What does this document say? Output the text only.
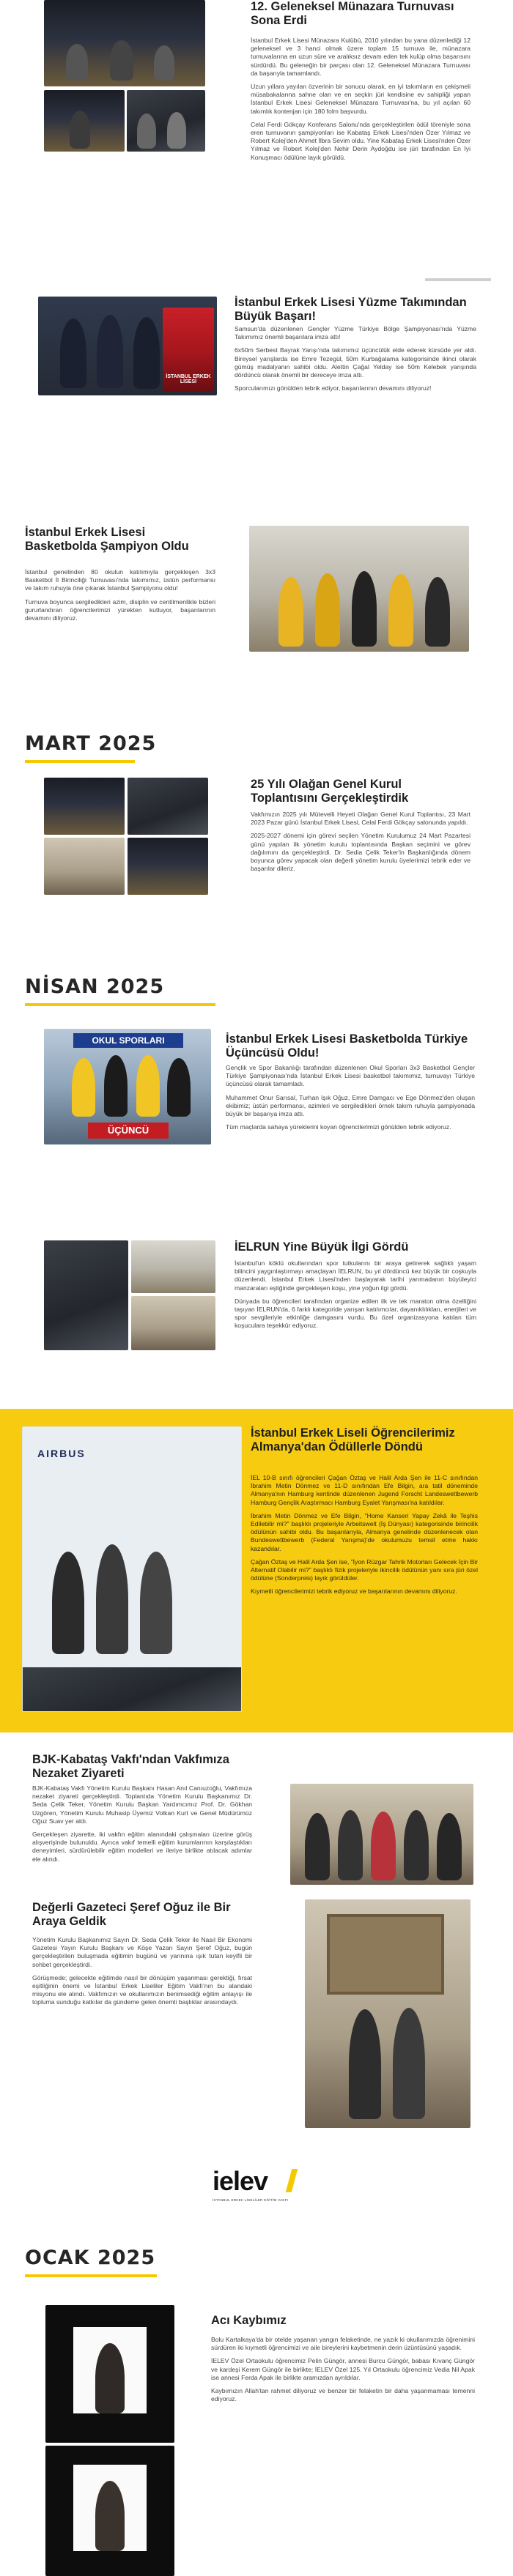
12. Geleneksel Münazara Turnuvası Sona Erdi

İstanbul Erkek Lisesi Münazara Kulübü, 2010 yılından bu yana düzenlediği 12 geleneksel ve 3 hanci olmak üzere toplam 15 turnuva ile, münazara turnuvalarına en uzun süre ve aralıksız devam eden tek kulüp olma başarısını sürdürdü. Bu geleneğin bir parçası olan 12. Geleneksel Münazara Turnuvası da başarıyla tamamlandı.

Uzun yıllara yayılan özverinin bir sonucu olarak, en iyi takımların en çekişmeli müsabakalarına sahne olan ve en seçkin jüri kendisine ev sahipliği yapan İstanbul Erkek Lisesi Geleneksel Münazara Turnuvası'na, bu yıl açılan 60 takımlık kontenjan için 180 folm başvurdu.

Celal Ferdi Gökçay Konferans Salonu'nda gerçekleştirilen ödül töreniyle sona eren turnuvanın şampiyonları ise Kabataş Erkek Lisesi'nden Özer Yılmaz ve Robert Kolej'den Ahmet İlbra Sevim oldu. Yine Kabataş Erkek Lisesi'nden Özer Yılmaz ve Robert Kolej'den Nehir Derin Aydoğdu ise jüri tarafından En İyi Konuşmacı ödülüne layık görüldü.

İSTANBUL ERKEK LİSESİ
İstanbul Erkek Lisesi Yüzme Takımından Büyük Başarı!

Samsun'da düzenlenen Gençler Yüzme Türkiye Bölge Şampiyonası'nda Yüzme Takımımız önemli başarılara imza attı!

6x50m Serbest Bayrak Yarışı'nda takımımız üçüncülük elde ederek kürsüde yer aldı. Bireysel yarışlarda ise Emre Tezegül, 50m Kurbağalama kategorisinde ikinci olarak gümüş madalyanın sahibi oldu. Alettin Çağal Yelday ise 50m Kelebek yarışında dördüncü olarak önemli bir dereceye imza attı.

Sporcularımızı gönülden tebrik ediyor, başarılarının devamını diliyoruz!

İstanbul Erkek Lisesi Basketbolda Şampiyon Oldu

İstanbul genelinden 80 okulun katılımıyla gerçekleşen 3x3 Basketbol İl Birinciliği Turnuvası'nda takımımız, üstün performansı ve takım ruhuyla öne çıkarak İstanbul Şampiyonu oldu!

Turnuva boyunca sergiledikleri azim, disiplin ve centilmenlikle bizleri gururlandıran öğrencilerimizi yürekten kutluyor, başarılarının devamını diliyoruz.

MART 2025
25 Yılı Olağan Genel Kurul Toplantısını Gerçekleştirdik

Vakfımızın 2025 yılı Mütevelli Heyeti Olağan Genel Kurul Toplantısı, 23 Mart 2023 Pazar günü İstanbul Erkek Lisesi, Celal Ferdi Gökçay salonunda yapıldı.

2025-2027 dönemi için görevi seçilen Yönetim Kurulumuz 24 Mart Pazartesi günü yapılan ilk yönetim kurulu toplantısında Başkan seçimini ve görev dağılımını da gerçekleştirdi. Dr. Sedia Çelik Teker'in Başkanlığında dönem boyunca görev yapacak olan değerli yönetim kurulu üyelerimizi tebrik eder ve başarılar dileriz.

NİSAN 2025
OKUL SPORLARI
ÜÇÜNCÜ
İstanbul Erkek Lisesi Basketbolda Türkiye Üçüncüsü Oldu!

Gençlik ve Spor Bakanlığı tarafından düzenlenen Okul Sporları 3x3 Basketbol Gençler Türkiye Şampiyonası'nda İstanbul Erkek Lisesi basketbol takımımız, turnuvayı Türkiye üçüncüsü olarak tamamladı.

Muhammet Onur Sarısal, Turhan Işık Oğuz, Emre Damgacı ve Ege Dönmez'den oluşan ekibimiz; üstün performansı, azimleri ve sergiledikleri örnek takım ruhuyla şampiyonada büyük bir başarıya imza attı.

Tüm maçlarda sahaya yüreklerini koyan öğrencilerimizi gönülden tebrik ediyoruz.

İELRUN Yine Büyük İlgi Gördü

İstanbul'un köklü okullarından spor tutkularını bir araya getirerek sağlıklı yaşam bilincini yaygınlaştırmayı amaçlayan İELRUN, bu yıl dördüncü kez büyük bir coşkuyla düzenlendi. İstanbul Erkek Lisesi'nden başlayarak tarihi yarımadanın büyüleyici manzaraları eşliğinde gerçekleşen koşu, yine yoğun ilgi gördü.

Dünyada bu öğrencileri tarafından organize edilen ilk ve tek maraton olma özelliğini taşıyan İELRUN'da, 6 farklı kategoride yarışan katılımcılar, dayanıklılıkları, enerjileri ve spor sevgileriyle etkinliğe damgasını vurdu. Bu özel organizasyona katılan tüm koşuculara teşekkür ediyoruz.

AIRBUS
İstanbul Erkek Liseli Öğrencilerimiz Almanya'dan Ödüllerle Döndü

İEL 10-B sınıfı öğrencileri Çağan Öztaş ve Halil Arda Şen ile 11-C sınıfından İbrahim Metin Dönmez ve 11-D sınıfından Efe Bilgin, ara tatil döneminde Almanya'nın Hamburg kentinde düzenlenen Jugend Forscht Landeswettbewerb Hamburg Gençlik Araştırmacı Hamburg Eyalet Yarışması'na katıldılar.

İbrahim Metin Dönmez ve Efe Bilgin, "Home Kanseri Yapay Zekâ ile Teşhis Edilebilir mi?" başlıklı projeleriyle Arbeitswelt (İş Dünyası) kategorisinde birincilik ödülünün sahibi oldu. Bu başarılarıyla, Almanya genelinde düzenlenecek olan Bundeswettbewerb (Federal Yarışma)'de okulumuzu temsil etme hakkı kazandılar.

Çağan Öztaş ve Halil Arda Şen ise, "İyon Rüzgar Tahrik Motorları Gelecek İçin Bir Alternatif Olabilir mi?" başlıklı fizik projeleriyle ikincilik ödülünün yanı sıra jüri özel ödülüne (Sonderpreis) layık görüldüler.

Kıymetli öğrencilerimizi tebrik ediyoruz ve başarılarının devamını diliyoruz.

BJK-Kabataş Vakfı'ndan Vakfımıza Nezaket Ziyareti

BJK-Kabataş Vakfı Yönetim Kurulu Başkanı Hasan Anıl Canıuzoğlu, Vakfımıza nezaket ziyareti gerçekleştirdi. Toplantıda Yönetim Kurulu Başkanımız Dr. Seda Çelik Teker, Yönetim Kurulu Başkan Yardımcımız Prof. Dr. Gökhan Uzgören, Yönetim Kurulu Muhasip Üyemiz Volkan Kurt ve Genel Müdürümüz Oğuz Suav yer aldı.

Gerçekleşen ziyarette, iki vakfın eğitim alanındaki çalışmaları üzerine görüş alışverişinde bulunuldu. Ayrıca vakıf temelli eğitim kurumlarının karşılaştıkları deneyimleri, sürdürülebilir eğitim modelleri ve ileriye birlikte atılacak adımlar ele alındı.

Değerli Gazeteci Şeref Oğuz ile Bir Araya Geldik

Yönetim Kurulu Başkanımız Sayın Dr. Seda Çelik Teker ile Nasıl Bir Ekonomi Gazetesi Yayın Kurulu Başkanı ve Köşe Yazarı Sayın Şeref Oğuz, bugün gerçekleştirilen buluşmada eğitimin bugünü ve yarınına ışık tutan keyifli bir sohbet gerçekleştirdi.

Görüşmede; gelecekte eğitimde nasıl bir dönüşüm yaşanması gerektiği, fırsat eşitliğinin önemi ve İstanbul Erkek Liseliler Eğitim Vakfı'nın bu alandaki misyonu ele alındı. Vakfımızın ve okullarımızın benimsediği eğitim anlayışı ile topluma sunduğu katkılar da gündeme gelen önemli başlıklar arasındaydı.

ielev
İSTANBUL ERKEK LİSELİLER EĞİTİM VAKFI
OCAK 2025
Acı Kaybımız

Bolu Kartalkaya'da bir otelde yaşanan yangın felaketinde, ne yazık ki okullarımızda öğrenimini sürdüren iki kıymetli öğrencimizi ve aile bireylerini kaybetmenin derin üzüntüsünü yaşadık.

İELEV Özel Ortaokulu öğrencimiz Pelin Güngör, annesi Burcu Güngör, babası Kıvanç Güngör ve kardeşi Kerem Güngör ile birlikte; İELEV Özel 125. Yıl Ortaokulu öğrencimiz Vedia Nil Apak ise annesi Ferda Apak ile birlikte aramızdan ayrıldılar.

Kaybımızın Allah'tan rahmet diliyoruz ve benzer bir felaketin bir daha yaşanmaması temenni ediyoruz.
